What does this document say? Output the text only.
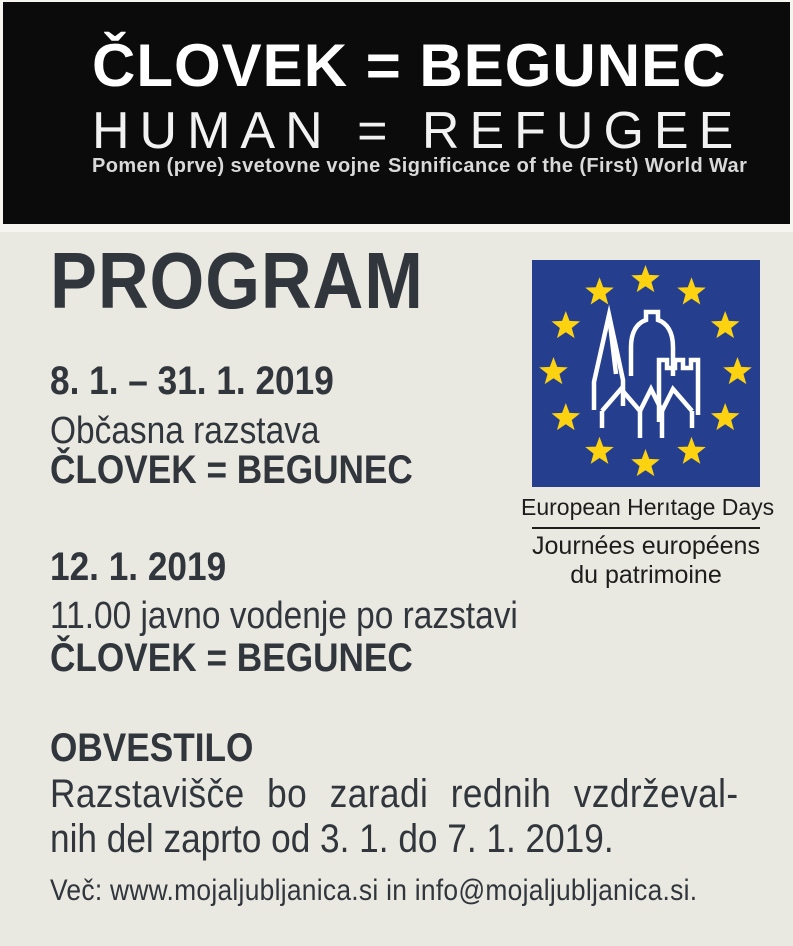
ČLOVEK = BEGUNEC
HUMAN = REFUGEE
Pomen (prve) svetovne vojne Significance of the (First) World War
PROGRAM
8. 1. – 31. 1. 2019
Občasna razstava
ČLOVEK = BEGUNEC
12. 1. 2019
11.00 javno vodenje po razstavi
ČLOVEK = BEGUNEC
OBVESTILO
Razstavišče bo zaradi rednih vzdrževal-
nih del zaprto od 3. 1. do 7. 1. 2019.
Več: www.mojaljubljanica.si in info@mojaljubljanica.si.
European Herıtage Days
Journées européens
du patrimoine
